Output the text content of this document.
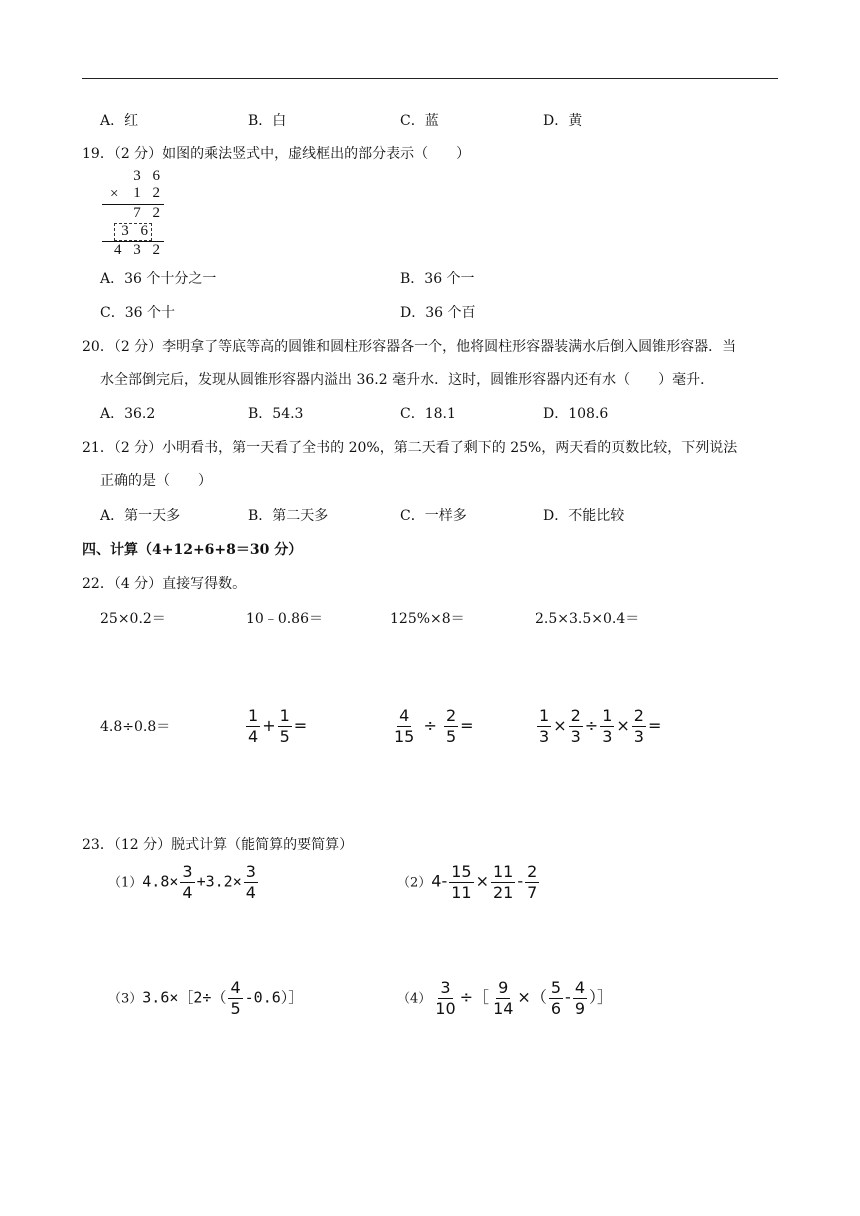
A．红	B．白	C．蓝	D．黄
19．（2 分）如图的乘法竖式中，虚线框出的部分表示（　　）
3 6
× 1 2
7 2
3 6
4 3 2
A．36 个十分之一	B．36 个一
C．36 个十	D．36 个百
20．（2 分）李明拿了等底等高的圆锥和圆柱形容器各一个，他将圆柱形容器装满水后倒入圆锥形容器．当
水全部倒完后，发现从圆锥形容器内溢出 36.2 毫升水．这时，圆锥形容器内还有水（　　）毫升．
A．36.2	B．54.3	C．18.1	D．108.6
21．（2 分）小明看书，第一天看了全书的 20%，第二天看了剩下的 25%，两天看的页数比较，下列说法
正确的是（　　）
A．第一天多	B．第二天多	C．一样多	D．不能比较
四、计算（4+12+6+8＝30 分）
22．（4 分）直接写得数。
25×0.2＝	10﹣0.86＝	125%×8＝	2.5×3.5×0.4＝
4.8÷0.8＝	$\frac{1}{4} + \frac{1}{5}$ =	$\frac{4}{15} \div \frac{2}{5}$ =	$\frac{1}{3} \times \frac{2}{3} \div \frac{1}{3} \times \frac{2}{3}$ =
23．（12 分）脱式计算（能简算的要简算）
$(1)4.8\times \frac{3}{4} +3.2\times \frac{3}{4}$	$(2)4- \frac{15}{11} \times \frac{11}{21} - \frac{2}{7}$
（3）3.6×［2÷（ $\frac{4}{5}$ -0.6）］	$(4) \frac{3}{10}$ ÷［ $\frac{9}{14}$ ×（ $\frac{5}{6} - \frac{4}{9}$ ）］
